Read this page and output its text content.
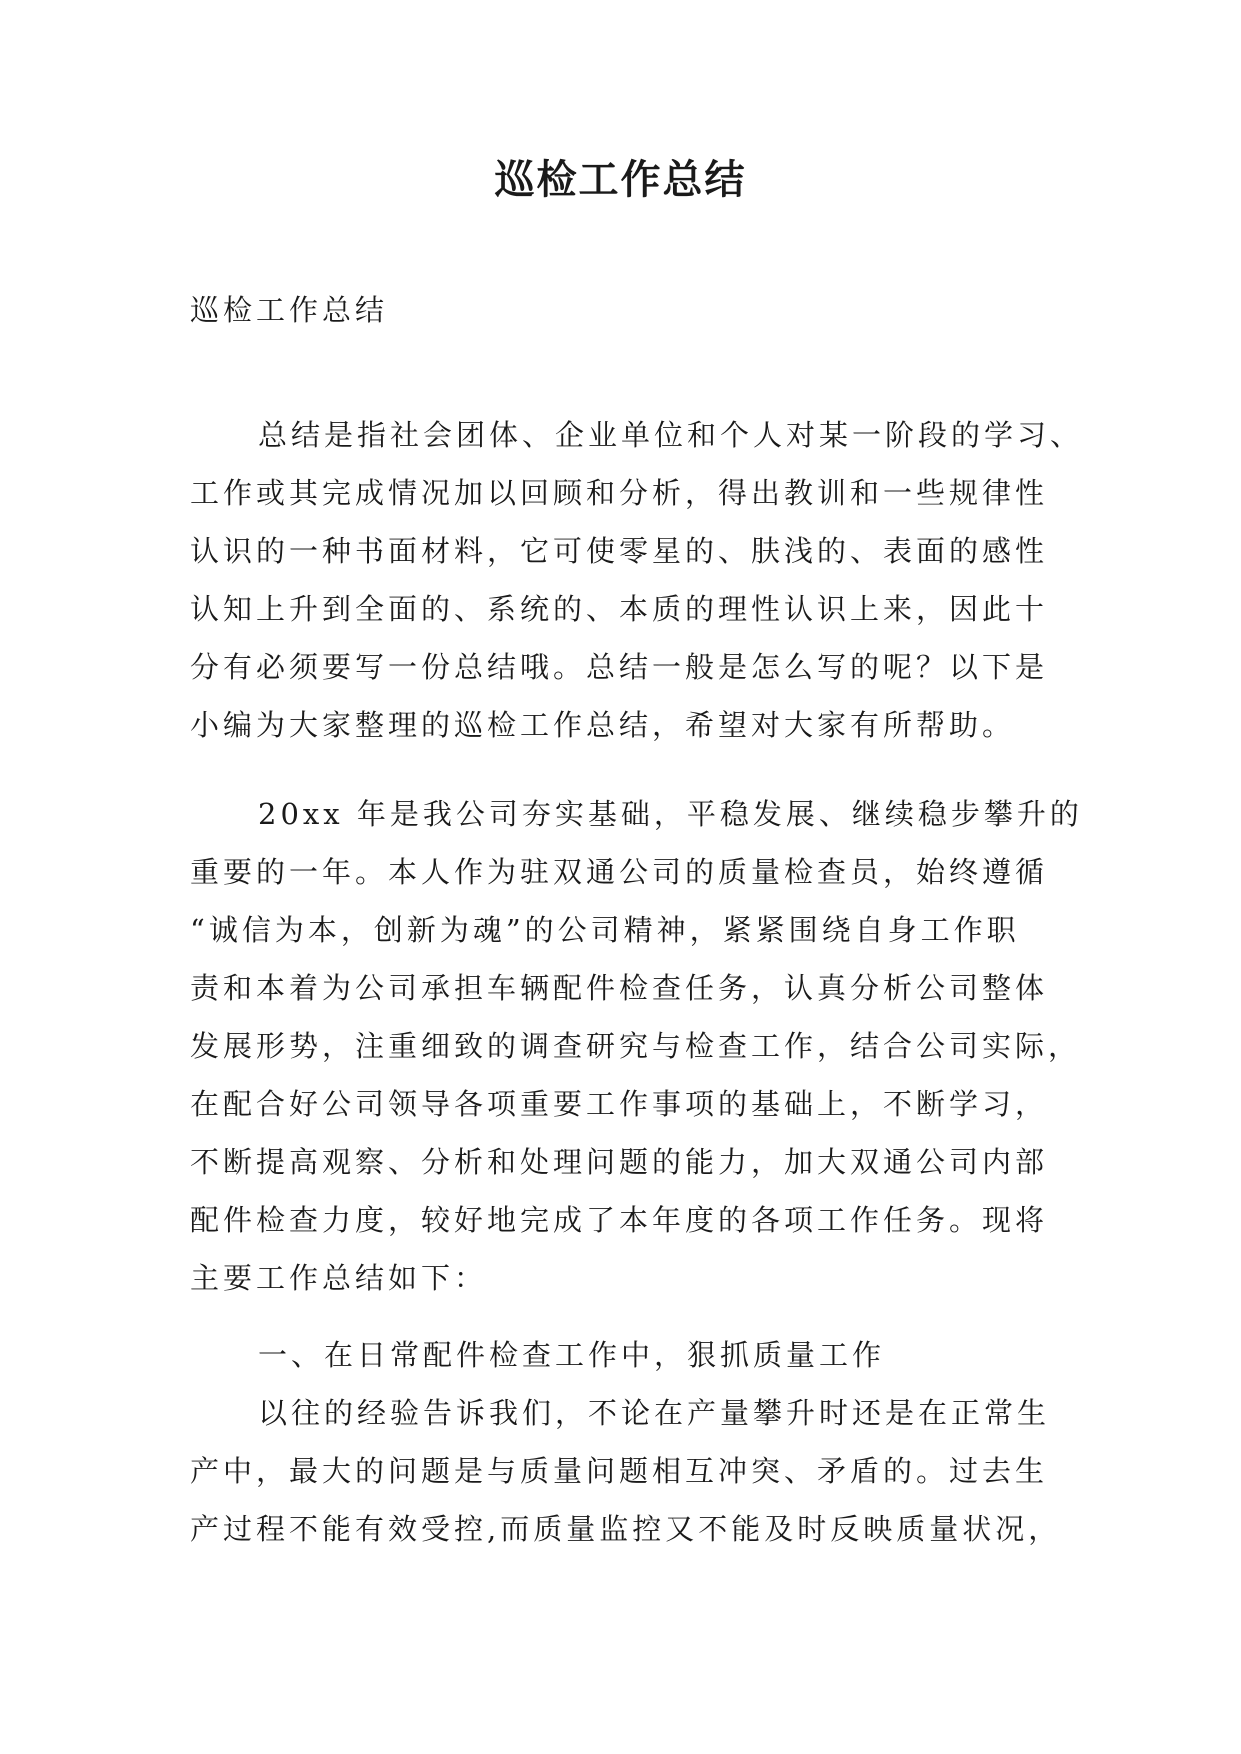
巡检工作总结

巡检工作总结

总结是指社会团体、企业单位和个人对某一阶段的学习、
工作或其完成情况加以回顾和分析，得出教训和一些规律性
认识的一种书面材料，它可使零星的、肤浅的、表面的感性
认知上升到全面的、系统的、本质的理性认识上来，因此十
分有必须要写一份总结哦。总结一般是怎么写的呢？以下是
小编为大家整理的巡检工作总结，希望对大家有所帮助。
20xx 年是我公司夯实基础，平稳发展、继续稳步攀升的
重要的一年。本人作为驻双通公司的质量检查员，始终遵循
“诚信为本，创新为魂”的公司精神，紧紧围绕自身工作职
责和本着为公司承担车辆配件检查任务，认真分析公司整体
发展形势，注重细致的调查研究与检查工作，结合公司实际，
在配合好公司领导各项重要工作事项的基础上，不断学习，
不断提高观察、分析和处理问题的能力，加大双通公司内部
配件检查力度，较好地完成了本年度的各项工作任务。现将
主要工作总结如下：
一、在日常配件检查工作中，狠抓质量工作
以往的经验告诉我们，不论在产量攀升时还是在正常生
产中，最大的问题是与质量问题相互冲突、矛盾的。过去生
产过程不能有效受控,而质量监控又不能及时反映质量状况，
